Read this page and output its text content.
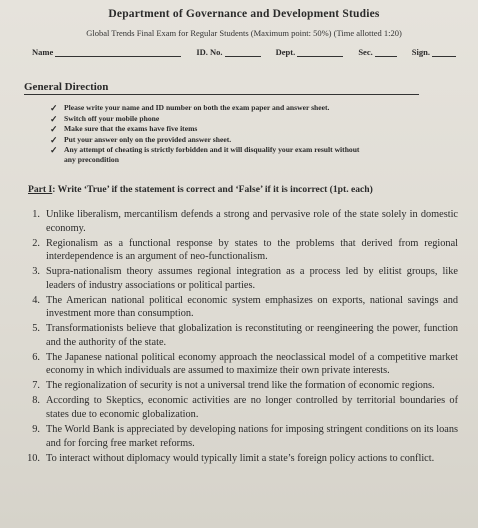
Department of Governance and Development Studies
Global Trends Final Exam for Regular Students (Maximum point: 50%) (Time allotted 1:20)
Name	ID. No.	Dept.	Sec.	Sign.
General Direction
✓ Please write your name and ID number on both the exam paper and answer sheet.
✓ Switch off your mobile phone
✓ Make sure that the exams have five items
✓ Put your answer only on the provided answer sheet.
✓ Any attempt of cheating is strictly forbidden and it will disqualify your exam result without
any precondition
Part I: Write ‘True’ if the statement is correct and ‘False’ if it is incorrect (1pt. each)
1. Unlike liberalism, mercantilism defends a strong and pervasive role of the state solely in domestic economy.
2. Regionalism as a functional response by states to the problems that derived from regional interdependence is an argument of neo-functionalism.
3. Supra-nationalism theory assumes regional integration as a process led by elitist groups, like leaders of industry associations or political parties.
4. The American national political economic system emphasizes on exports, national savings and investment more than consumption.
5. Transformationists believe that globalization is reconstituting or reengineering the power, function and the authority of the state.
6. The Japanese national political economy approach the neoclassical model of a competitive market economy in which individuals are assumed to maximize their own private interests.
7. The regionalization of security is not a universal trend like the formation of economic regions.
8. According to Skeptics, economic activities are no longer controlled by territorial boundaries of states due to economic globalization.
9. The World Bank is appreciated by developing nations for imposing stringent conditions on its loans and for forcing free market reforms.
10. To interact without diplomacy would typically limit a state’s foreign policy actions to conflict.
